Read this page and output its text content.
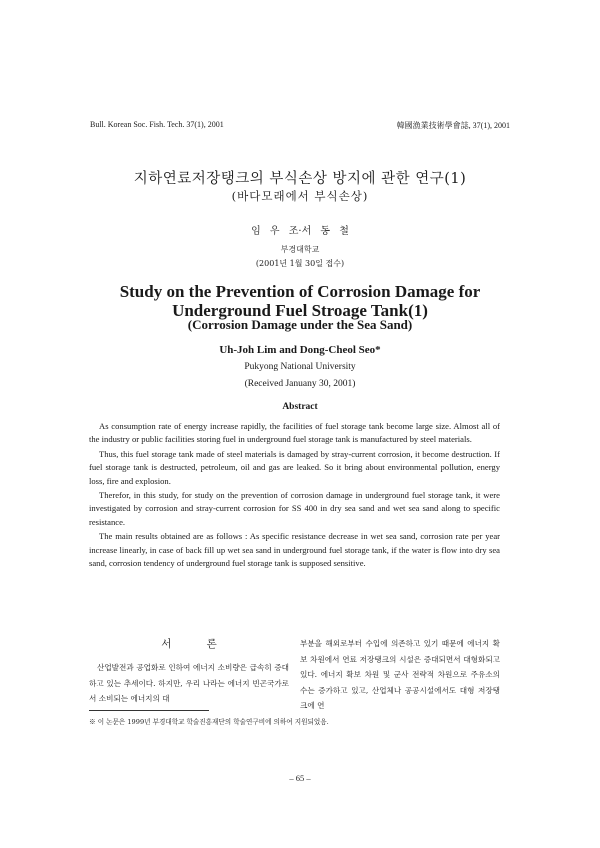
Bull. Korean Soc. Fish. Tech. 37(1), 2001	韓國漁業技術學會誌, 37(1), 2001
지하연료저장탱크의 부식손상 방지에 관한 연구(1)
(바다모래에서 부식손상)
임 우 조·서 동 철
부경대학교
(2001년 1월 30일 접수)
Study on the Prevention of Corrosion Damage for
Underground Fuel Stroage Tank(1)
(Corrosion Damage under the Sea Sand)
Uh-Joh Lim and Dong-Cheol Seo*
Pukyong National University
(Received Januany 30, 2001)
Abstract

As consumption rate of energy increase rapidly, the facilities of fuel storage tank become large size. Almost all of the industry or public facilities storing fuel in underground fuel storage tank is manufactured by steel materials.

Thus, this fuel storage tank made of steel materials is damaged by stray-current corrosion, it become destruction. If fuel storage tank is destructed, petroleum, oil and gas are leaked. So it bring about environmental pollution, energy loss, fire and explosion.

Therefor, in this study, for study on the prevention of corrosion damage in underground fuel storage tank, it were investigated by corrosion and stray-current corrosion for SS 400 in dry sea sand and wet sea sand along to specific resistance.

The main results obtained are as follows : As specific resistance decrease in wet sea sand, corrosion rate per year increase linearly, in case of back fill up wet sea sand in underground fuel storage tank, if the water is flow into dry sea sand, corrosion tendency of underground fuel storage tank is supposed sensitive.

서 론

산업발전과 공업화로 인하여 에너지 소비량은 급속히 증대하고 있는 추세이다. 하지만, 우리 나라는 에너지 빈곤국가로서 소비되는 에너지의 대

부분을 해외로부터 수입에 의존하고 있기 때문에 에너지 확보 차원에서 연료 저장탱크의 시설은 증대되면서 대형화되고 있다. 에너지 확보 차원 및 군사 전략적 차원으로 주유소의 수는 증가하고 있고, 산업체나 공공시설에서도 대형 저장탱크에 연

※ 이 논문은 1999년 부경대학교 학술진흥재단의 학술연구비에 의하여 지원되었음.
– 65 –
